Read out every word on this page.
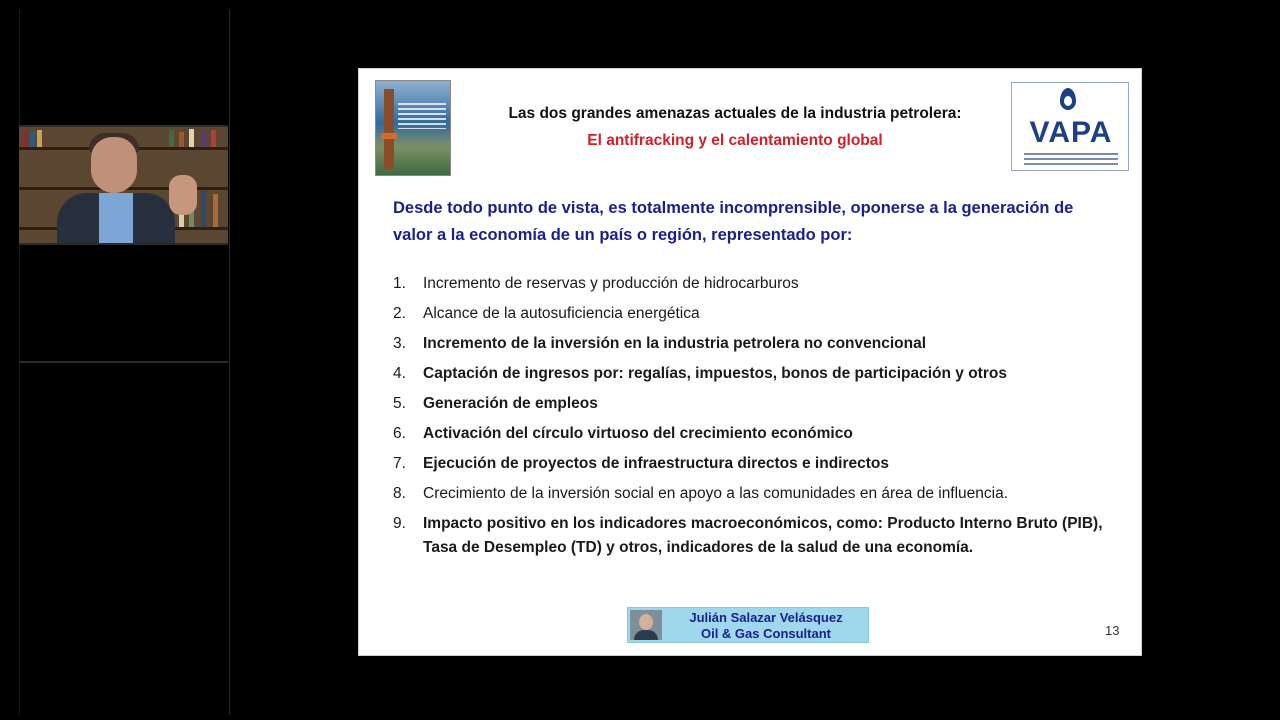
Las dos grandes amenazas actuales de la industria petrolera:
El antifracking y el calentamiento global	VAPA
Desde todo punto de vista, es totalmente incomprensible, oponerse a la generación de valor a la economía de un país o región, representado por:
1.	Incremento de reservas y producción de hidrocarburos
2.	Alcance de la autosuficiencia energética
3.	Incremento de la inversión en la industria petrolera no convencional
4.	Captación de ingresos por: regalías, impuestos, bonos de participación y otros
5.	Generación de empleos
6.	Activación del círculo virtuoso del crecimiento económico
7.	Ejecución de proyectos de infraestructura directos e indirectos
8.	Crecimiento de la inversión social en apoyo a las comunidades en área de influencia.
9.	Impacto positivo en los indicadores macroeconómicos, como: Producto Interno Bruto (PIB), Tasa de Desempleo (TD) y otros, indicadores de la salud de una economía.
Julián Salazar Velásquez
Oil & Gas Consultant	13
